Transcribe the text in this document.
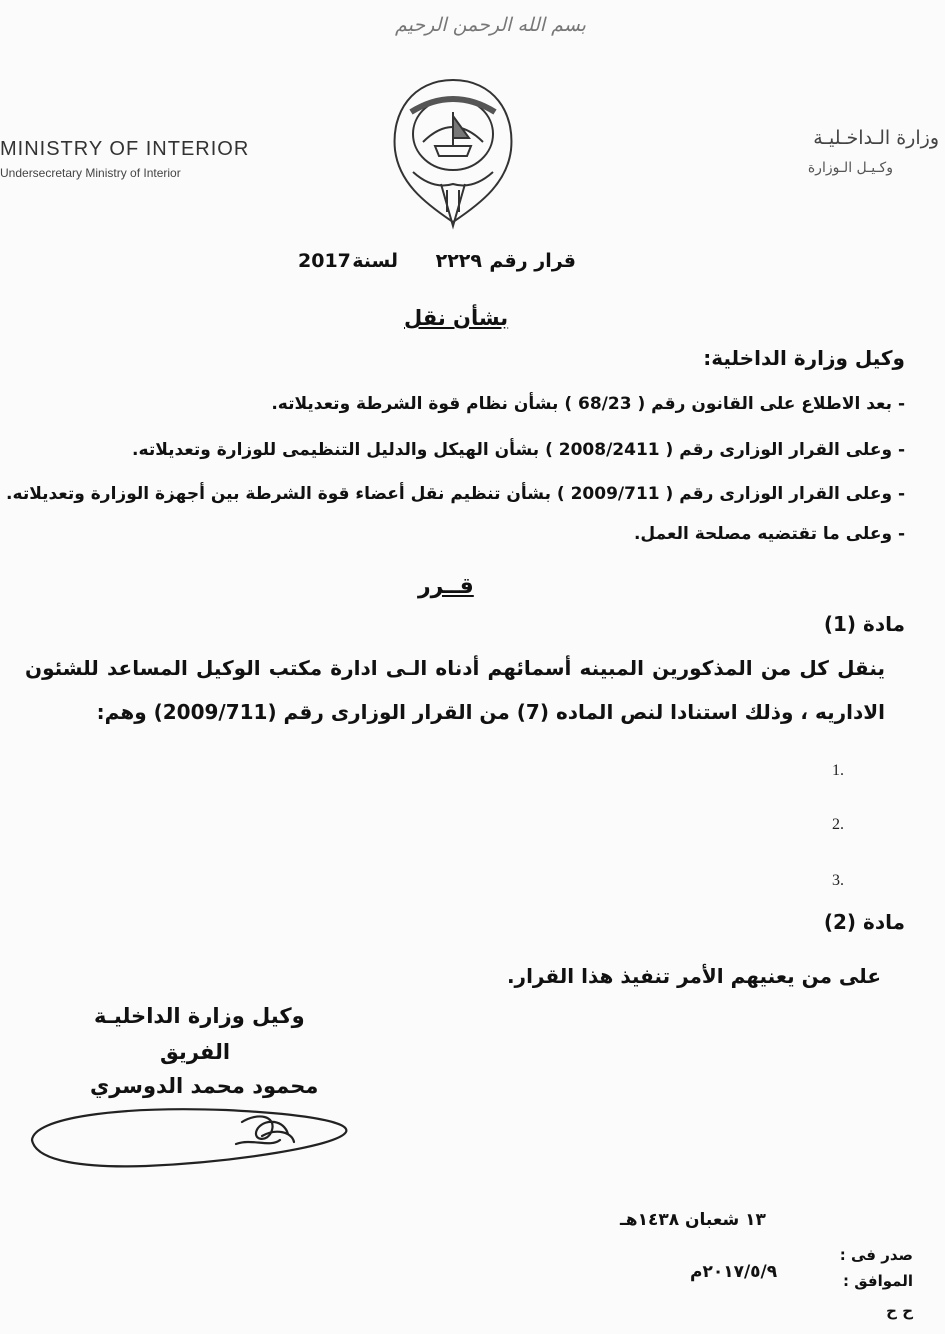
بسم الله الرحمن الرحيم
MINISTRY OF INTERIOR
Undersecretary Ministry of Interior
وزارة الـداخـليـة
وكـيـل الـوزارة
قرار رقم
٢٢٢٩
لسنة
2017
بشأن نقل
وكيل وزارة الداخلية:
- بعد الاطلاع على القانون رقم ( 68/23 ) بشأن نظام قوة الشرطة وتعديلاته.
- وعلى القرار الوزارى رقم ( 2008/2411 ) بشأن الهيكل والدليل التنظيمى للوزارة وتعديلاته.
- وعلى القرار الوزارى رقم ( 2009/711 ) بشأن تنظيم نقل أعضاء قوة الشرطة بين أجهزة الوزارة وتعديلاته.
- وعلى ما تقتضيه مصلحة العمل.
قــرر
مادة (1)
ينقل كل من المذكورين المبينه أسمائهم أدناه الـى ادارة مكتب الوكيل المساعد للشئون الاداريه ، وذلك استنادا لنص الماده (7) من القرار الوزارى رقم (2009/711) وهم:
1.
2.
3.
مادة (2)
على من يعنيهم الأمر تنفيذ هذا القرار.
وكيل وزارة الداخليـة
الفريق
محمود محمد الدوسري
١٣ شعبان ١٤٣٨هـ
٢٠١٧/٥/٩م
صدر فى :
الموافق :
ح ح
